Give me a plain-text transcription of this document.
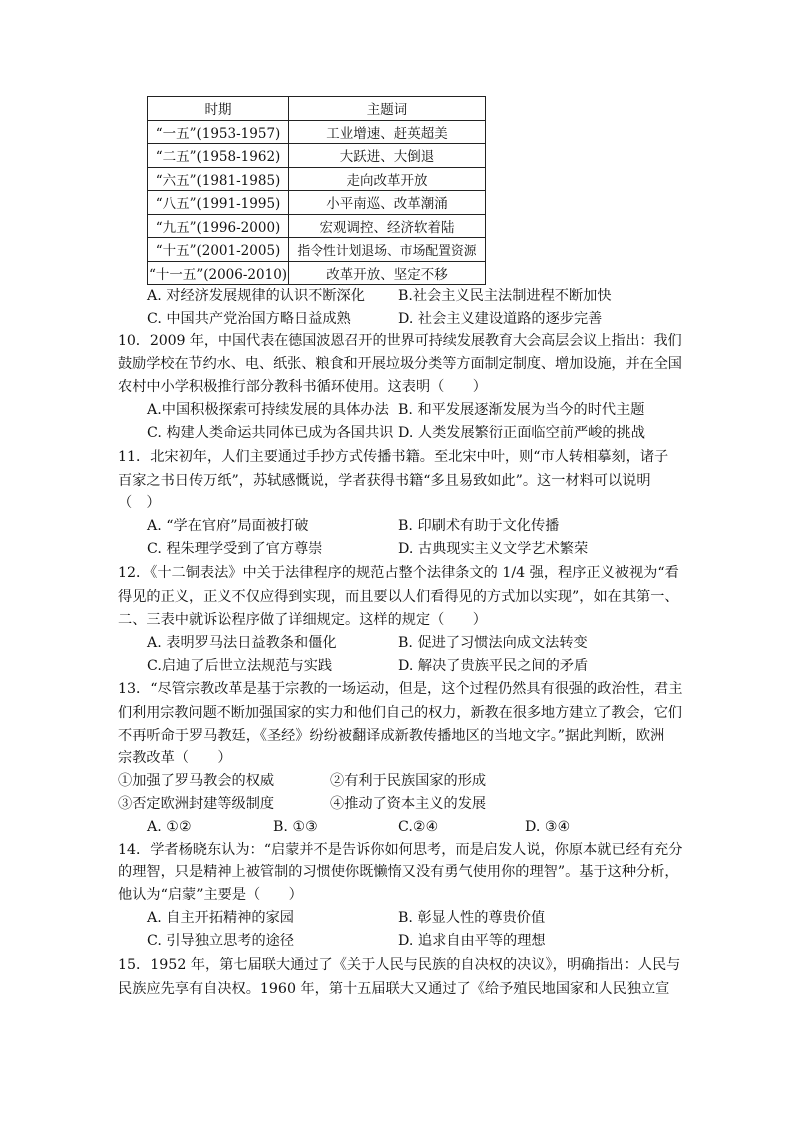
时期	主题词
“一五”(1953-1957)	工业增速、赶英超美
“二五”(1958-1962)	大跃进、大倒退
“六五”(1981-1985)	走向改革开放
“八五”(1991-1995)	小平南巡、改革潮涌
“九五”(1996-2000)	宏观调控、经济软着陆
“十五”(2001-2005)	指令性计划退场、市场配置资源
“十一五”(2006-2010)	改革开放、坚定不移
A. 对经济发展规律的认识不断深化 B.社会主义民主法制进程不断加快
C. 中国共产党治国方略日益成熟	D. 社会主义建设道路的逐步完善
10．2009 年，中国代表在德国波恩召开的世界可持续发展教育大会高层会议上指出：我们
鼓励学校在节约水、电、纸张、粮食和开展垃圾分类等方面制定制度、增加设施，并在全国
农村中小学积极推行部分教科书循环使用。这表明（　　）
A.中国积极探索可持续发展的具体办法 B. 和平发展逐渐发展为当今的时代主题
C. 构建人类命运共同体已成为各国共识 D. 人类发展繁衍正面临空前严峻的挑战
11．北宋初年，人们主要通过手抄方式传播书籍。至北宋中叶，则“市人转相摹刻，诸子
百家之书日传万纸”，苏轼感慨说，学者获得书籍“多且易致如此”。这一材料可以说明
（　）
A. “学在官府”局面被打破	B. 印刷术有助于文化传播
C. 程朱理学受到了官方尊崇	D. 古典现实主义文学艺术繁荣
12．《十二铜表法》中关于法律程序的规范占整个法律条文的 1/4 强，程序正义被视为“看
得见的正义，正义不仅应得到实现，而且要以人们看得见的方式加以实现”，如在其第一、
二、三表中就诉讼程序做了详细规定。这样的规定（　　）
A. 表明罗马法日益教条和僵化	B. 促进了习惯法向成文法转变
C.启迪了后世立法规范与实践	D. 解决了贵族平民之间的矛盾
13．“尽管宗教改革是基于宗教的一场运动，但是，这个过程仍然具有很强的政治性，君主
们利用宗教问题不断加强国家的实力和他们自己的权力，新教在很多地方建立了教会，它们
不再听命于罗马教廷，《圣经》纷纷被翻译成新教传播地区的当地文字。”据此判断，欧洲
宗教改革（　　）
①加强了罗马教会的权威	②有利于民族国家的形成
③否定欧洲封建等级制度	④推动了资本主义的发展
A. ①②	B. ①③	C.②④	D. ③④
14．学者杨晓东认为：“启蒙并不是告诉你如何思考，而是启发人说，你原本就已经有充分
的理智，只是精神上被管制的习惯使你既懒惰又没有勇气使用你的理智”。基于这种分析，
他认为“启蒙”主要是（　　）
A. 自主开拓精神的家园	B. 彰显人性的尊贵价值
C. 引导独立思考的途径	D. 追求自由平等的理想
15．1952 年，第七届联大通过了《关于人民与民族的自决权的决议》，明确指出：人民与
民族应先享有自决权。1960 年，第十五届联大又通过了《给予殖民地国家和人民独立宣
